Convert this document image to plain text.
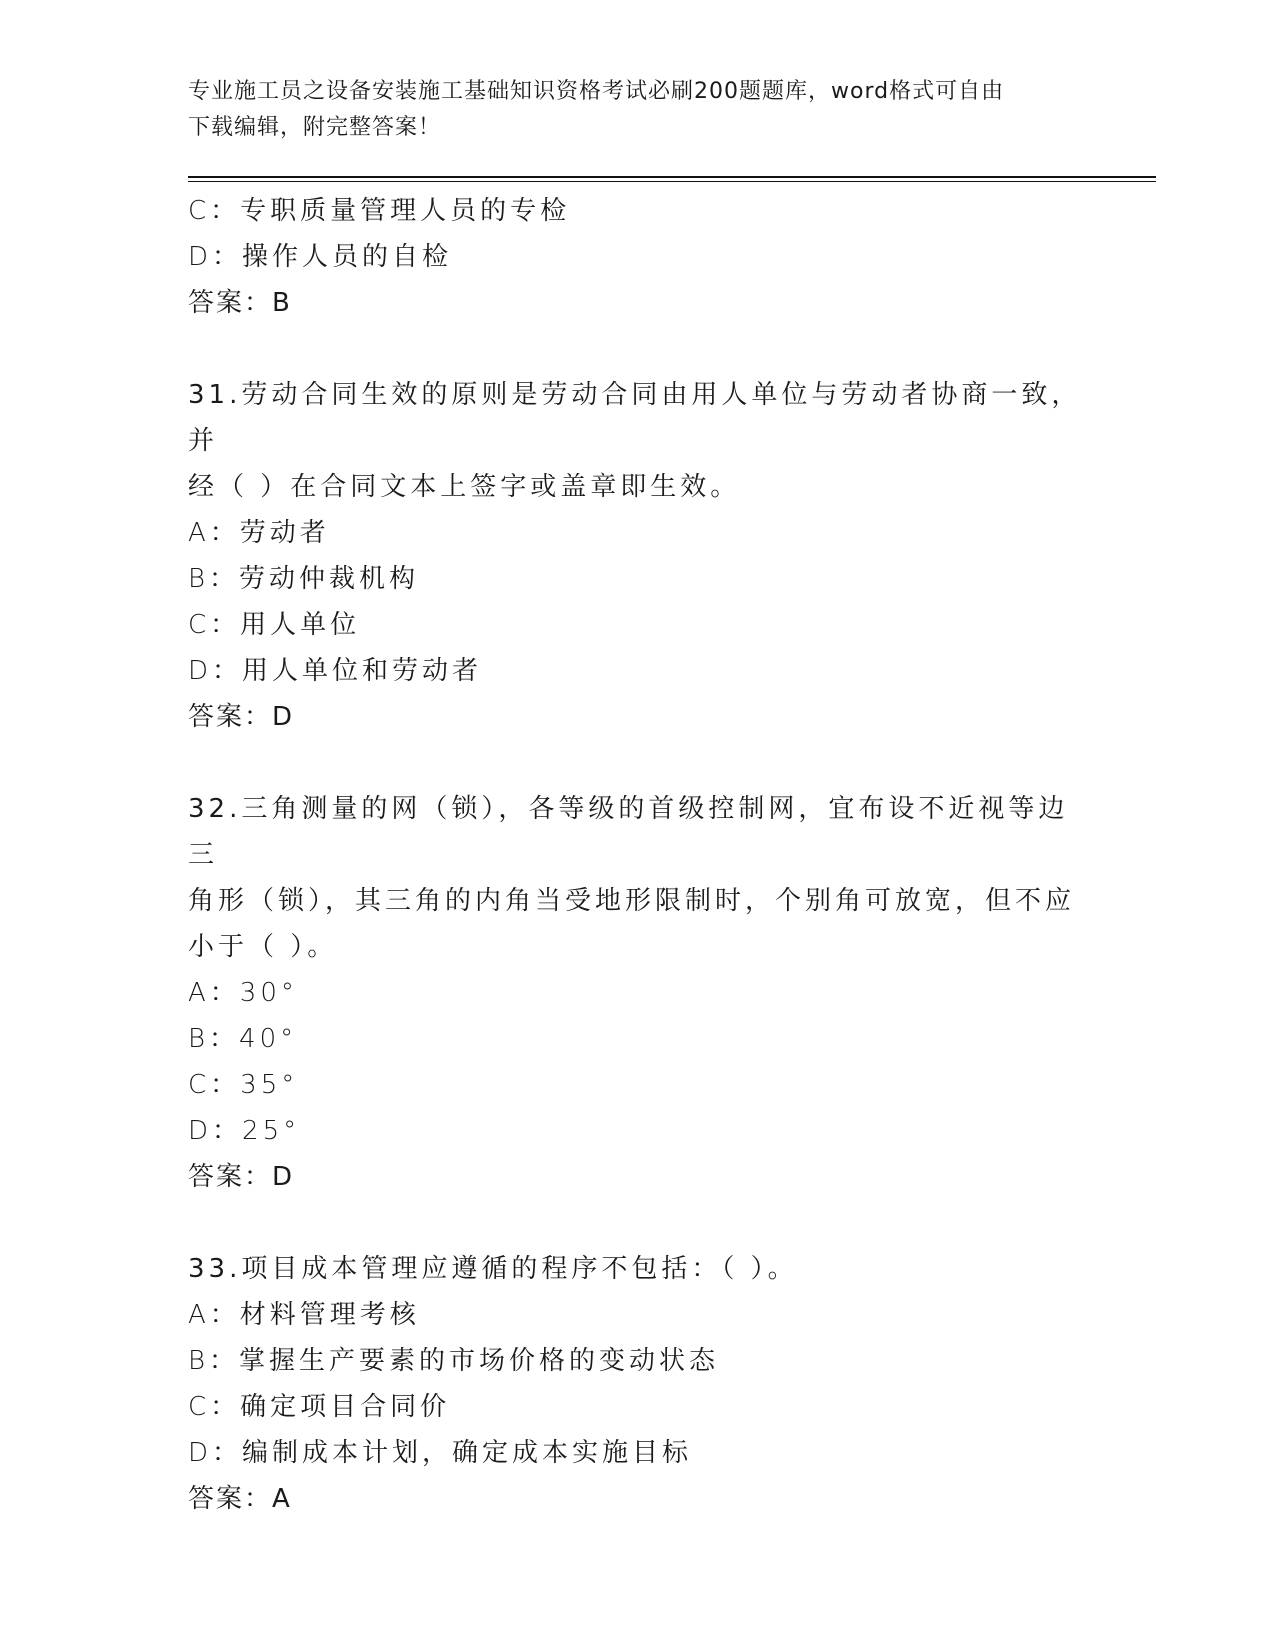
专业施工员之设备安装施工基础知识资格考试必刷200题题库，word格式可自由
下载编辑，附完整答案！
C：专职质量管理人员的专检
D：操作人员的自检
答案：B
31.劳动合同生效的原则是劳动合同由用人单位与劳动者协商一致，并
经（ ）在合同文本上签字或盖章即生效。
A：劳动者
B：劳动仲裁机构
C：用人单位
D：用人单位和劳动者
答案：D
32.三角测量的网（锁），各等级的首级控制网，宜布设不近视等边三
角形（锁），其三角的内角当受地形限制时，个别角可放宽，但不应
小于（ ）。
A：30°
B：40°
C：35°
D：25°
答案：D
33.项目成本管理应遵循的程序不包括：（ ）。
A：材料管理考核
B：掌握生产要素的市场价格的变动状态
C：确定项目合同价
D：编制成本计划，确定成本实施目标
答案：A
